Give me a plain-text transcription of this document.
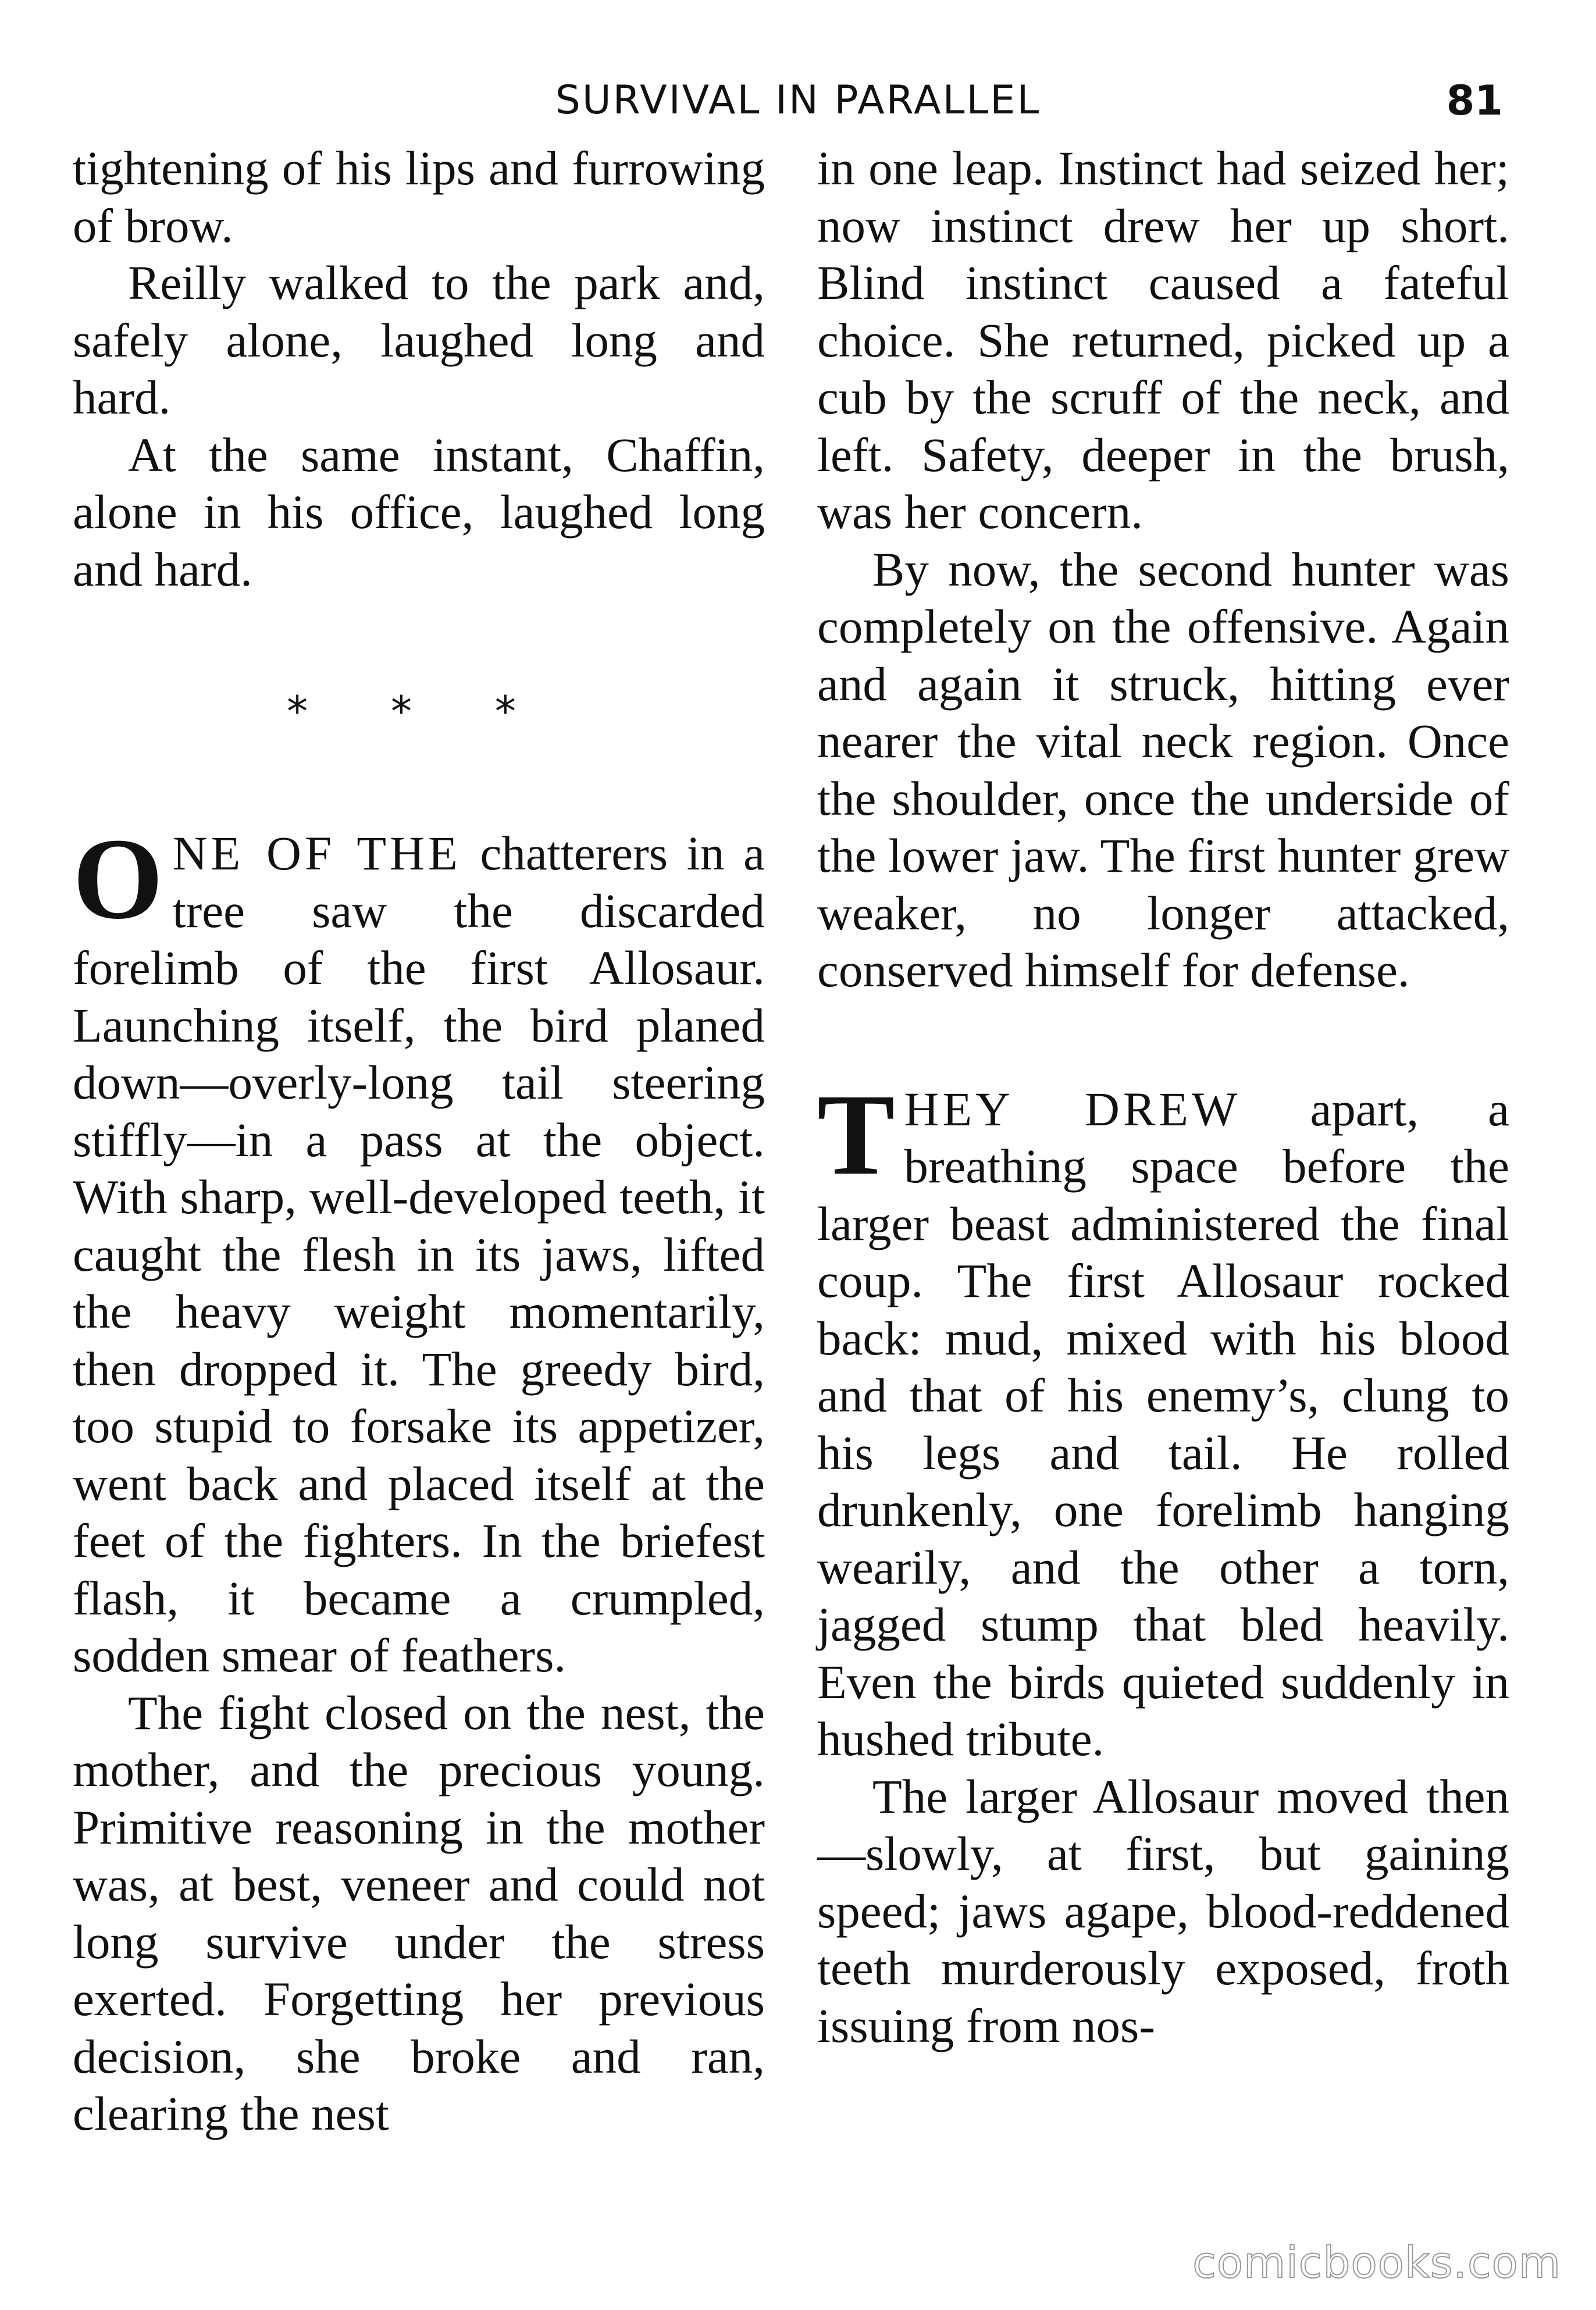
SURVIVAL IN PARALLEL	81

tightening of his lips and furrowing of brow.

Reilly walked to the park and, safely alone, laughed long and hard.

At the same instant, Chaffin, alone in his office, laughed long and hard.

* * *

ONE OF THE chatterers in a tree saw the discarded forelimb of the first Allosaur. Launching itself, the bird planed down—overly-long tail steering stiffly—in a pass at the object. With sharp, well-developed teeth, it caught the flesh in its jaws, lifted the heavy weight momentarily, then dropped it. The greedy bird, too stupid to forsake its appetizer, went back and placed itself at the feet of the fighters. In the briefest flash, it became a crumpled, sodden smear of feathers.

The fight closed on the nest, the mother, and the precious young. Primitive reasoning in the mother was, at best, veneer and could not long survive under the stress exerted. Forgetting her previous decision, she broke and ran, clearing the nest

in one leap. Instinct had seized her; now instinct drew her up short. Blind instinct caused a fateful choice. She returned, picked up a cub by the scruff of the neck, and left. Safety, deeper in the brush, was her concern.

By now, the second hunter was completely on the offensive. Again and again it struck, hitting ever nearer the vital neck region. Once the shoulder, once the underside of the lower jaw. The first hunter grew weaker, no longer attacked, conserved himself for defense.

THEY DREW apart, a breathing space before the larger beast administered the final coup. The first Allosaur rocked back: mud, mixed with his blood and that of his enemy’s, clung to his legs and tail. He rolled drunkenly, one forelimb hanging wearily, and the other a torn, jagged stump that bled heavily. Even the birds quieted suddenly in hushed tribute.

The larger Allosaur moved then—slowly, at first, but gaining speed; jaws agape, blood-reddened teeth murderously exposed, froth issuing from nos-

comicbooks.com
